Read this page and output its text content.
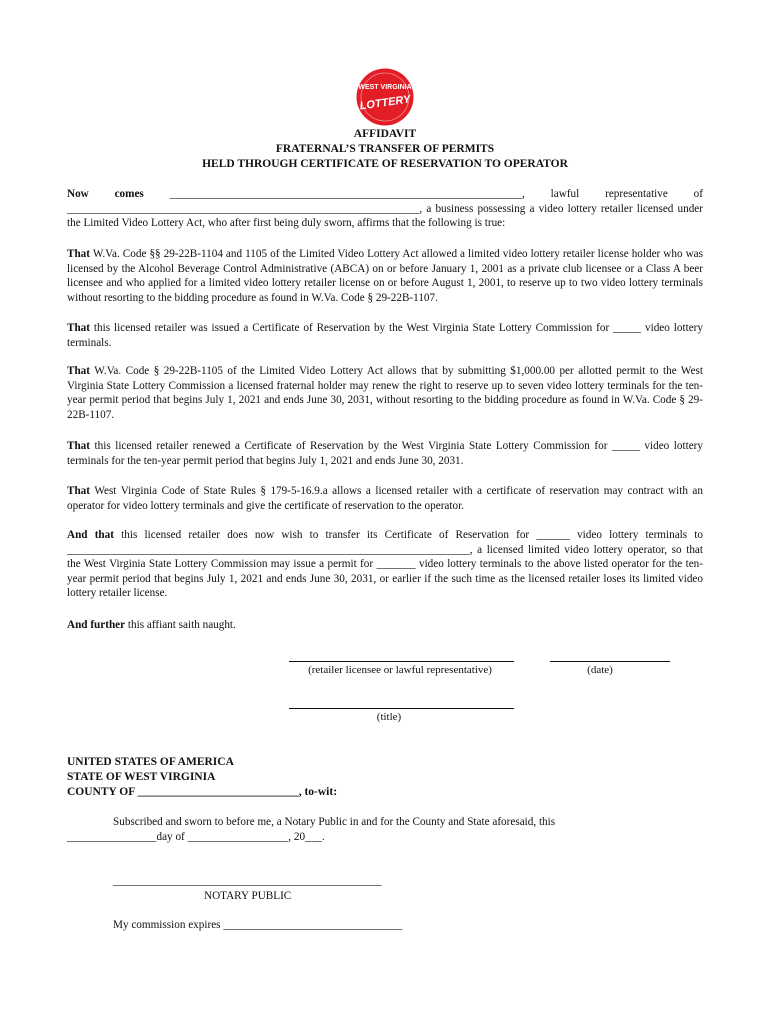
WEST VIRGINIA
LOTTERY
AFFIDAVIT
FRATERNAL’S TRANSFER OF PERMITS
HELD THROUGH CERTIFICATE OF RESERVATION TO OPERATOR

Now comes _______________________________________________________________, lawful representative of _______________________________________________________________, a business possessing a video lottery retailer licensed under the Limited Video Lottery Act, who after first being duly sworn, affirms that the following is true:

That W.Va. Code §§ 29-22B-1104 and 1105 of the Limited Video Lottery Act allowed a limited video lottery retailer license holder who was licensed by the Alcohol Beverage Control Administrative (ABCA) on or before January 1, 2001 as a private club licensee or a Class A beer licensee and who applied for a limited video lottery retailer license on or before August 1, 2001, to reserve up to two video lottery terminals without resorting to the bidding procedure as found in W.Va. Code § 29-22B-1107.

That this licensed retailer was issued a Certificate of Reservation by the West Virginia State Lottery Commission for _____ video lottery terminals.

That W.Va. Code § 29-22B-1105 of the Limited Video Lottery Act allows that by submitting $1,000.00 per allotted permit to the West Virginia State Lottery Commission a licensed fraternal holder may renew the right to reserve up to seven video lottery terminals for the ten-year permit period that begins July 1, 2021 and ends June 30, 2031, without resorting to the bidding procedure as found in W.Va. Code § 29-22B-1107.

That this licensed retailer renewed a Certificate of Reservation by the West Virginia State Lottery Commission for _____ video lottery terminals for the ten-year permit period that begins July 1, 2021 and ends June 30, 2031.

That West Virginia Code of State Rules § 179-5-16.9.a allows a licensed retailer with a certificate of reservation may contract with an operator for video lottery terminals and give the certificate of reservation to the operator.

And that this licensed retailer does now wish to transfer its Certificate of Reservation for ______ video lottery terminals to ________________________________________________________________________, a licensed limited video lottery operator, so that the West Virginia State Lottery Commission may issue a permit for _______ video lottery terminals to the above listed operator for the ten-year permit period that begins July 1, 2021 and ends June 30, 2031, or earlier if the such time as the licensed retailer loses its limited video lottery retailer license.

And further this affiant saith naught.

(retailer licensee or lawful representative)	(date)
(title)
UNITED STATES OF AMERICA
STATE OF WEST VIRGINIA
COUNTY OF ____________________________, to-wit:
Subscribed and sworn to before me, a Notary Public in and for the County and State aforesaid, this
________________day of __________________, 20___.
________________________________________________
NOTARY PUBLIC
My commission expires ________________________________
